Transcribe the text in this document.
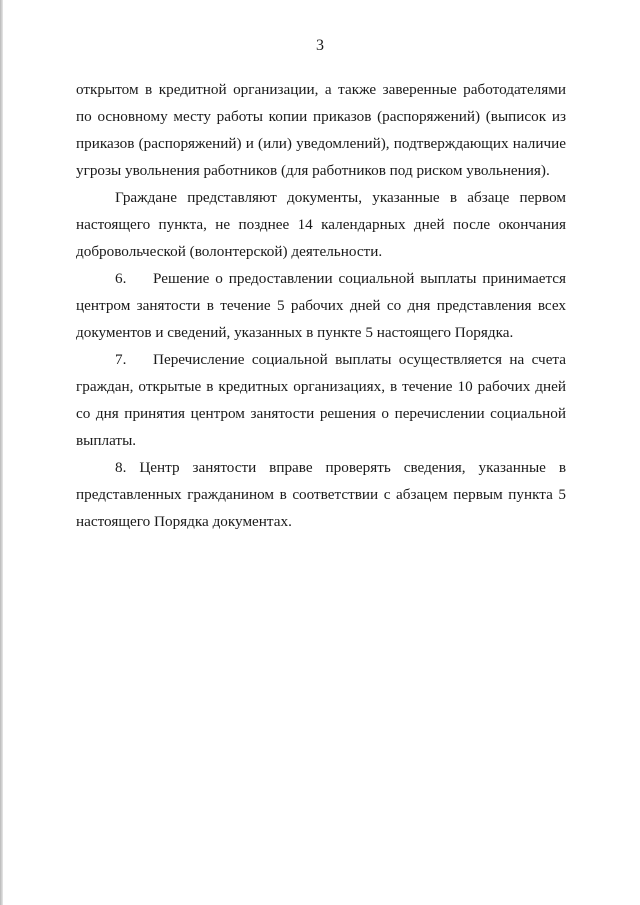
3

открытом в кредитной организации, а также заверенные работодателями по основному месту работы копии приказов (распоряжений) (выписок из приказов (распоряжений) и (или) уведомлений), подтверждающих наличие угрозы увольнения работников (для работников под риском увольнения).

Граждане представляют документы, указанные в абзаце первом настоящего пункта, не позднее 14 календарных дней после окончания добровольческой (волонтерской) деятельности.

6. Решение о предоставлении социальной выплаты принимается центром занятости в течение 5 рабочих дней со дня представления всех документов и сведений, указанных в пункте 5 настоящего Порядка.

7. Перечисление социальной выплаты осуществляется на счета граждан, открытые в кредитных организациях, в течение 10 рабочих дней со дня принятия центром занятости решения о перечислении социальной выплаты.

8. Центр занятости вправе проверять сведения, указанные в представленных гражданином в соответствии с абзацем первым пункта 5 настоящего Порядка документах.
